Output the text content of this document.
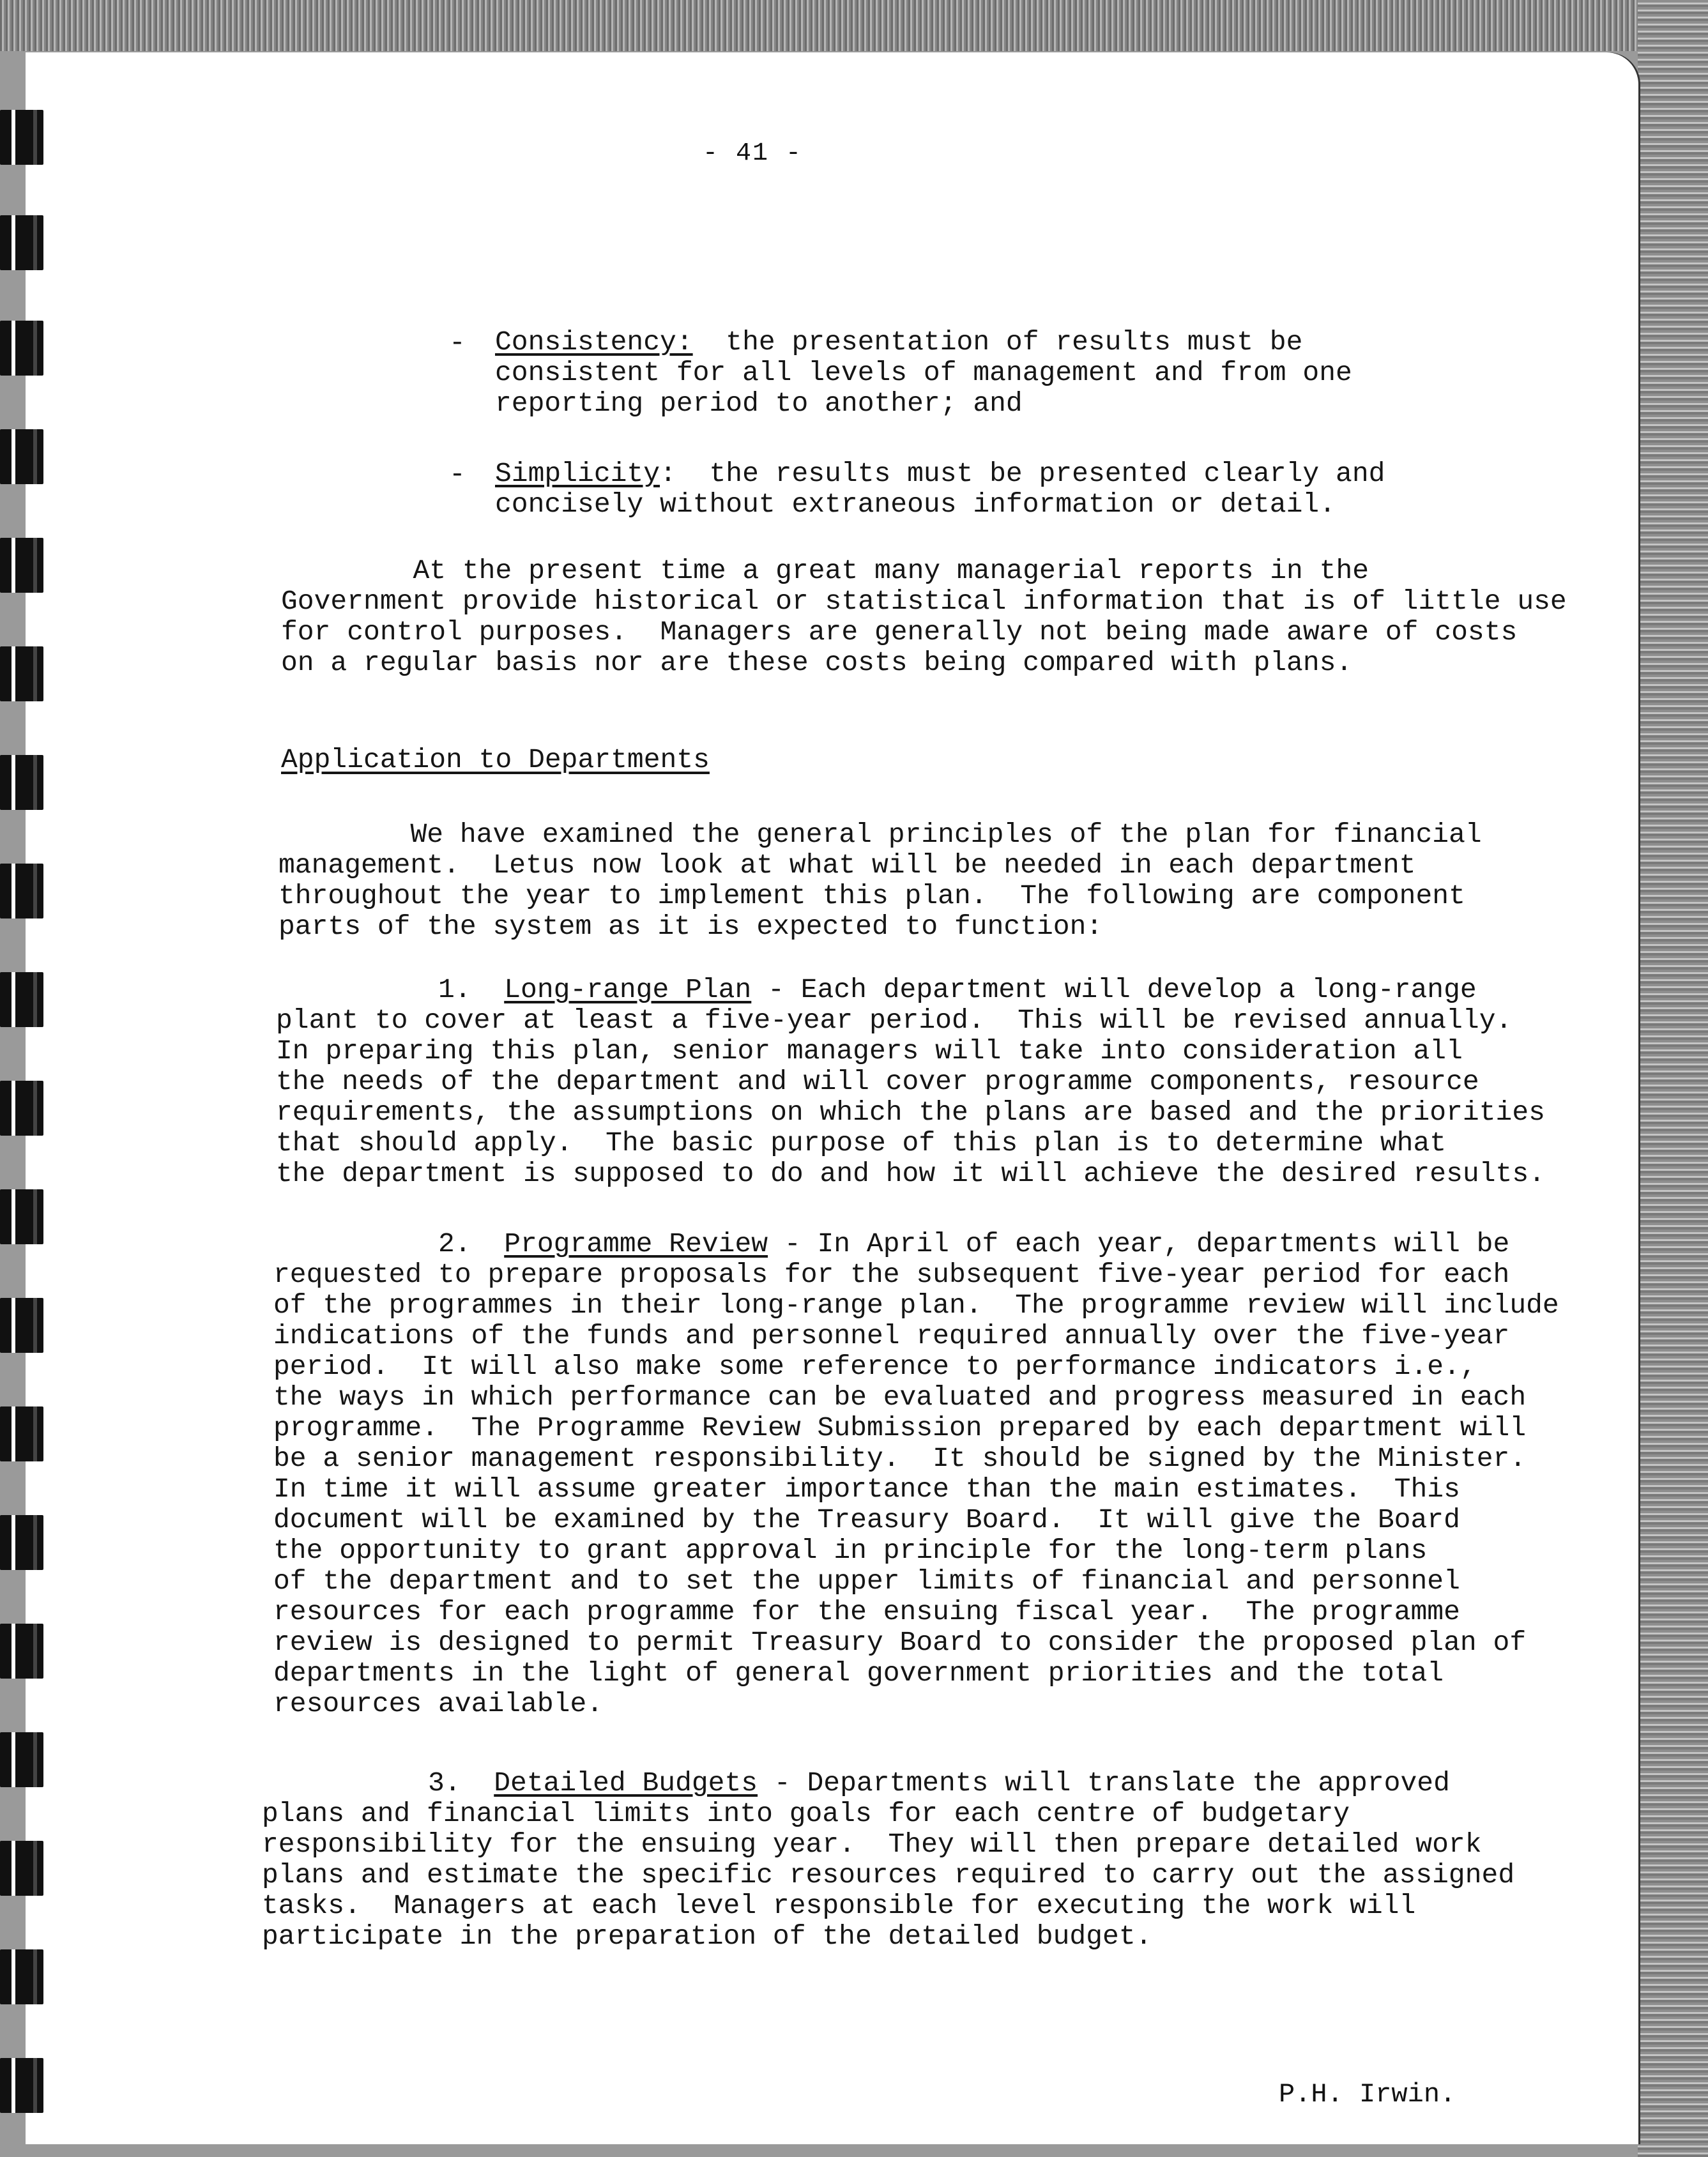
- 41 -
- Consistency:  the presentation of results must be
consistent for all levels of management and from one
reporting period to another; and

- Simplicity:  the results must be presented clearly and
concisely without extraneous information or detail.

At the present time a great many managerial reports in the
Government provide historical or statistical information that is of little use
for control purposes.  Managers are generally not being made aware of costs
on a regular basis nor are these costs being compared with plans.

Application to Departments

We have examined the general principles of the plan for financial
management.  Letus now look at what will be needed in each department
throughout the year to implement this plan.  The following are component
parts of the system as it is expected to function:

1. Long-range Plan - Each department will develop a long-range

plant to cover at least a five-year period.  This will be revised annually.
In preparing this plan, senior managers will take into consideration all
the needs of the department and will cover programme components, resource
requirements, the assumptions on which the plans are based and the priorities
that should apply.  The basic purpose of this plan is to determine what
the department is supposed to do and how it will achieve the desired results.

2. Programme Review - In April of each year, departments will be

requested to prepare proposals for the subsequent five-year period for each
of the programmes in their long-range plan.  The programme review will include
indications of the funds and personnel required annually over the five-year
period.  It will also make some reference to performance indicators i.e.,
the ways in which performance can be evaluated and progress measured in each
programme.  The Programme Review Submission prepared by each department will
be a senior management responsibility.  It should be signed by the Minister.
In time it will assume greater importance than the main estimates.  This
document will be examined by the Treasury Board.  It will give the Board
the opportunity to grant approval in principle for the long-term plans
of the department and to set the upper limits of financial and personnel
resources for each programme for the ensuing fiscal year.  The programme
review is designed to permit Treasury Board to consider the proposed plan of
departments in the light of general government priorities and the total
resources available.

3. Detailed Budgets - Departments will translate the approved

plans and financial limits into goals for each centre of budgetary
responsibility for the ensuing year.  They will then prepare detailed work
plans and estimate the specific resources required to carry out the assigned
tasks.  Managers at each level responsible for executing the work will
participate in the preparation of the detailed budget.

P.H. Irwin.
